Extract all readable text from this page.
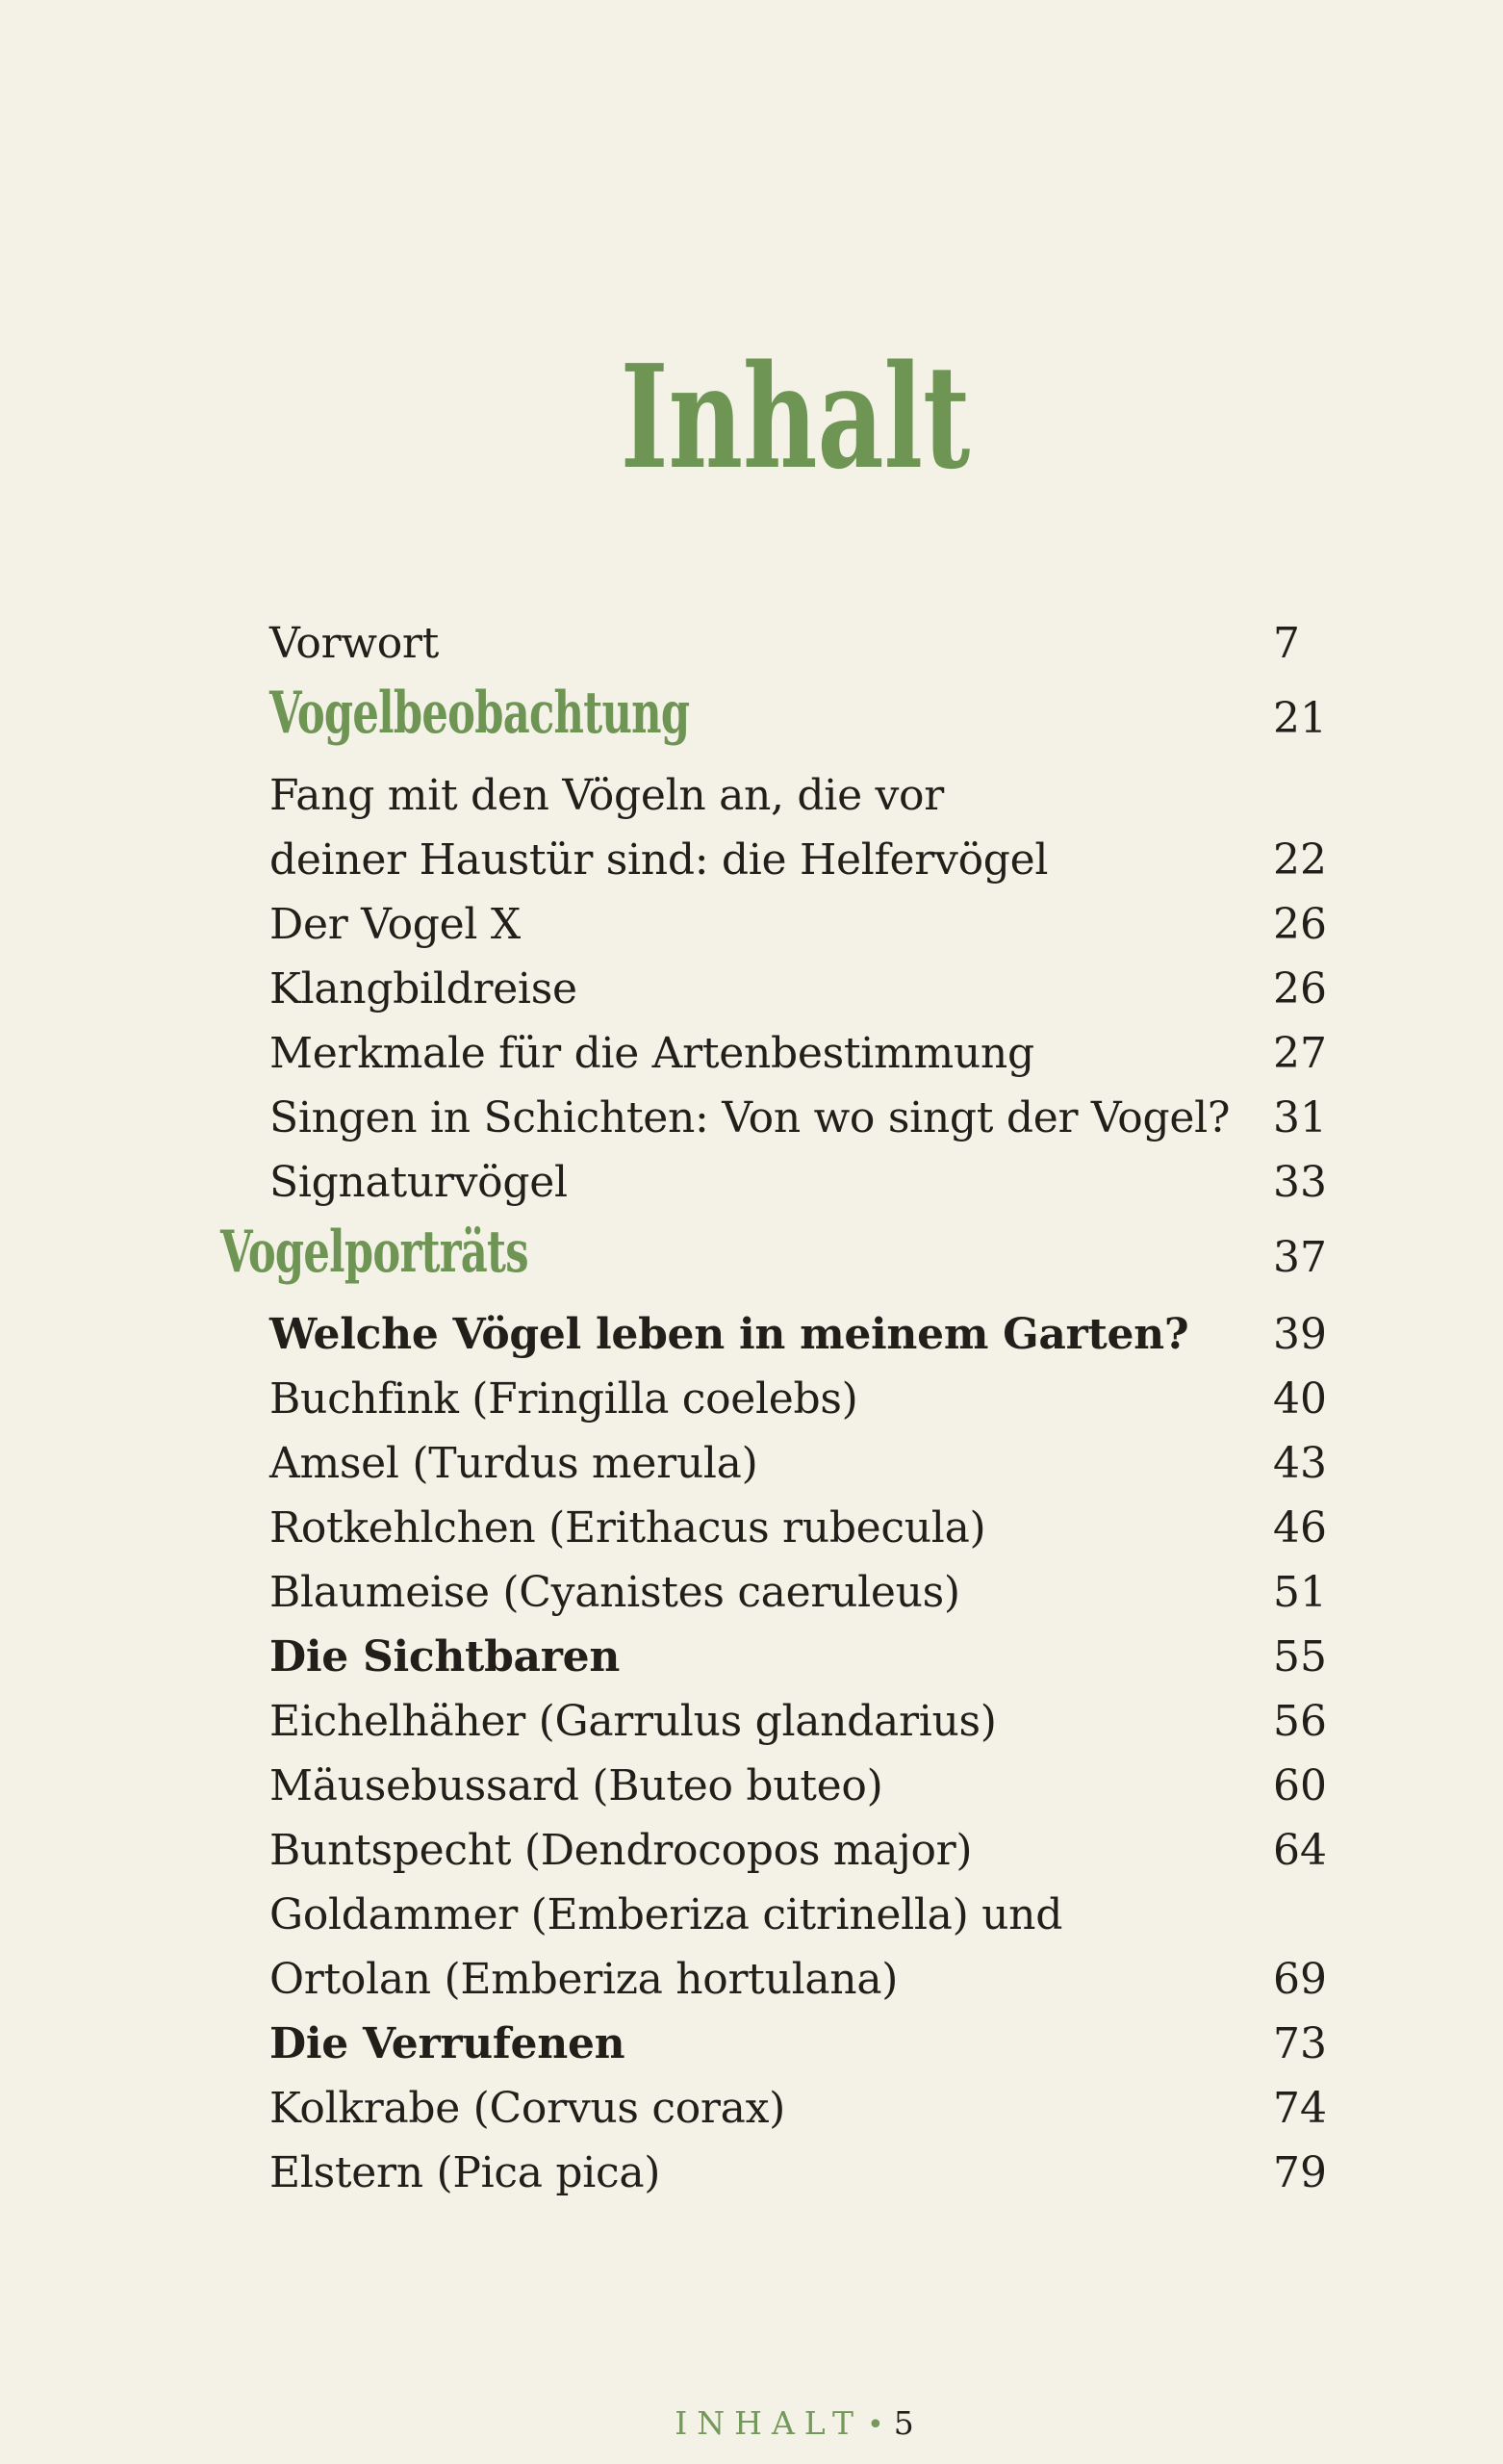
Inhalt
Vorwort	7
Vogelbeobachtung	21
Fang mit den Vögeln an, die vor
deiner Haustür sind: die Helfervögel	22
Der Vogel X	26
Klangbildreise	26
Merkmale für die Artenbestimmung	27
Singen in Schichten: Von wo singt der Vogel? 31
Signaturvögel	33
Vogelporträts	37
Welche Vögel leben in meinem Garten? 39
Buchfink (Fringilla coelebs)	40
Amsel (Turdus merula)	43
Rotkehlchen (Erithacus rubecula)	46
Blaumeise (Cyanistes caeruleus)	51
Die Sichtbaren	55
Eichelhäher (Garrulus glandarius)	56
Mäusebussard (Buteo buteo)	60
Buntspecht (Dendrocopos major)	64
Goldammer (Emberiza citrinella) und
Ortolan (Emberiza hortulana)	69
Die Verrufenen	73
Kolkrabe (Corvus corax)	74
Elstern (Pica pica)	79
INHALT • 5
